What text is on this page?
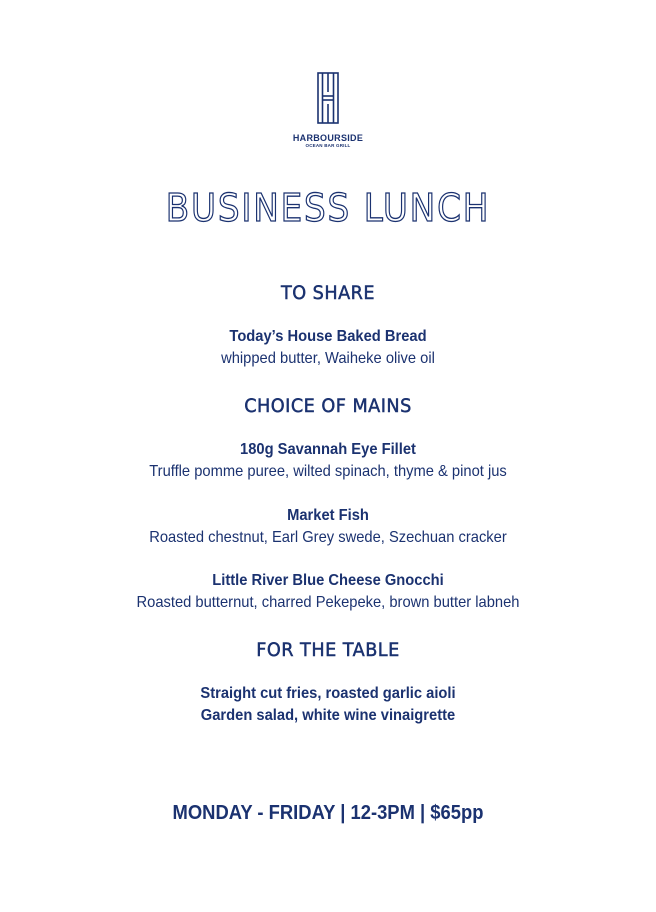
HARBOURSIDE
OCEAN BAR GRILL
BUSINESS LUNCH
TO SHARE
Today’s House Baked Bread
whipped butter, Waiheke olive oil
CHOICE OF MAINS
180g Savannah Eye Fillet
Truffle pomme puree, wilted spinach, thyme & pinot jus
Market Fish
Roasted chestnut, Earl Grey swede, Szechuan cracker
Little River Blue Cheese Gnocchi
Roasted butternut, charred Pekepeke, brown butter labneh
FOR THE TABLE
Straight cut fries, roasted garlic aioli
Garden salad, white wine vinaigrette
MONDAY - FRIDAY | 12-3PM | $65pp
